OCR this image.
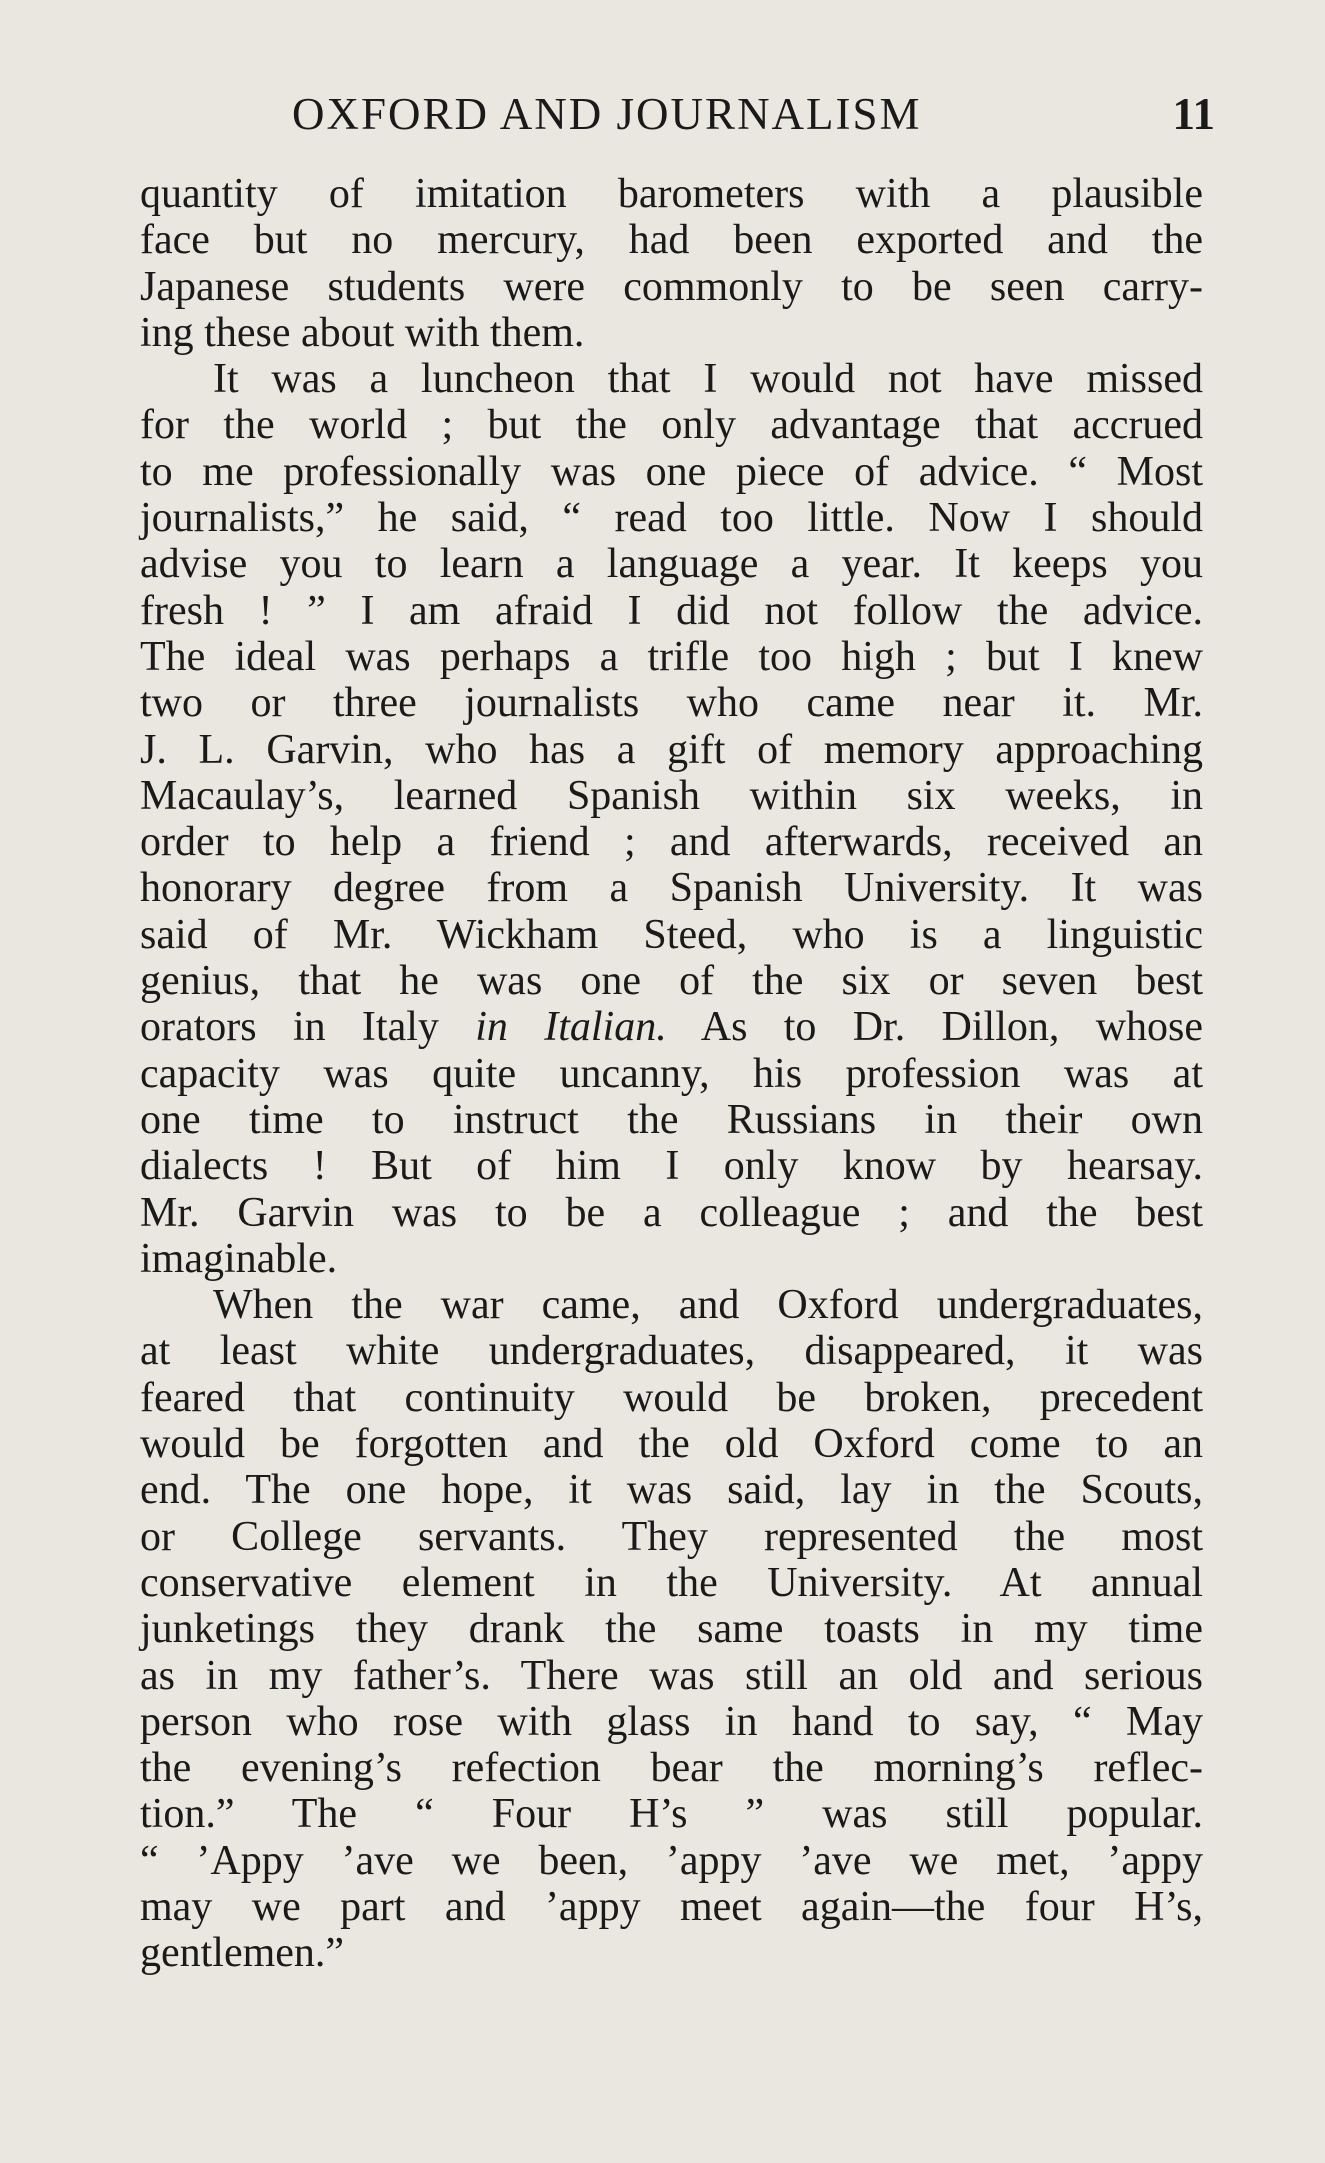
OXFORD AND JOURNALISM	11
quantity of imitation barometers with a plausible
face but no mercury, had been exported and the
Japanese students were commonly to be seen carry-
ing these about with them.
It was a luncheon that I would not have missed
for the world ; but the only advantage that accrued
to me professionally was one piece of advice. “ Most
journalists,” he said, “ read too little. Now I should
advise you to learn a language a year. It keeps you
fresh ! ” I am afraid I did not follow the advice.
The ideal was perhaps a trifle too high ; but I knew
two or three journalists who came near it. Mr.
J. L. Garvin, who has a gift of memory approaching
Macaulay’s, learned Spanish within six weeks, in
order to help a friend ; and afterwards, received an
honorary degree from a Spanish University. It was
said of Mr. Wickham Steed, who is a linguistic
genius, that he was one of the six or seven best
orators in Italy in Italian. As to Dr. Dillon, whose
capacity was quite uncanny, his profession was at
one time to instruct the Russians in their own
dialects ! But of him I only know by hearsay.
Mr. Garvin was to be a colleague ; and the best
imaginable.
When the war came, and Oxford undergraduates,
at least white undergraduates, disappeared, it was
feared that continuity would be broken, precedent
would be forgotten and the old Oxford come to an
end. The one hope, it was said, lay in the Scouts,
or College servants. They represented the most
conservative element in the University. At annual
junketings they drank the same toasts in my time
as in my father’s. There was still an old and serious
person who rose with glass in hand to say, “ May
the evening’s refection bear the morning’s reflec-
tion.” The “ Four H’s ” was still popular.
“ ’Appy ’ave we been, ’appy ’ave we met, ’appy
may we part and ’appy meet again—the four H’s,
gentlemen.”
